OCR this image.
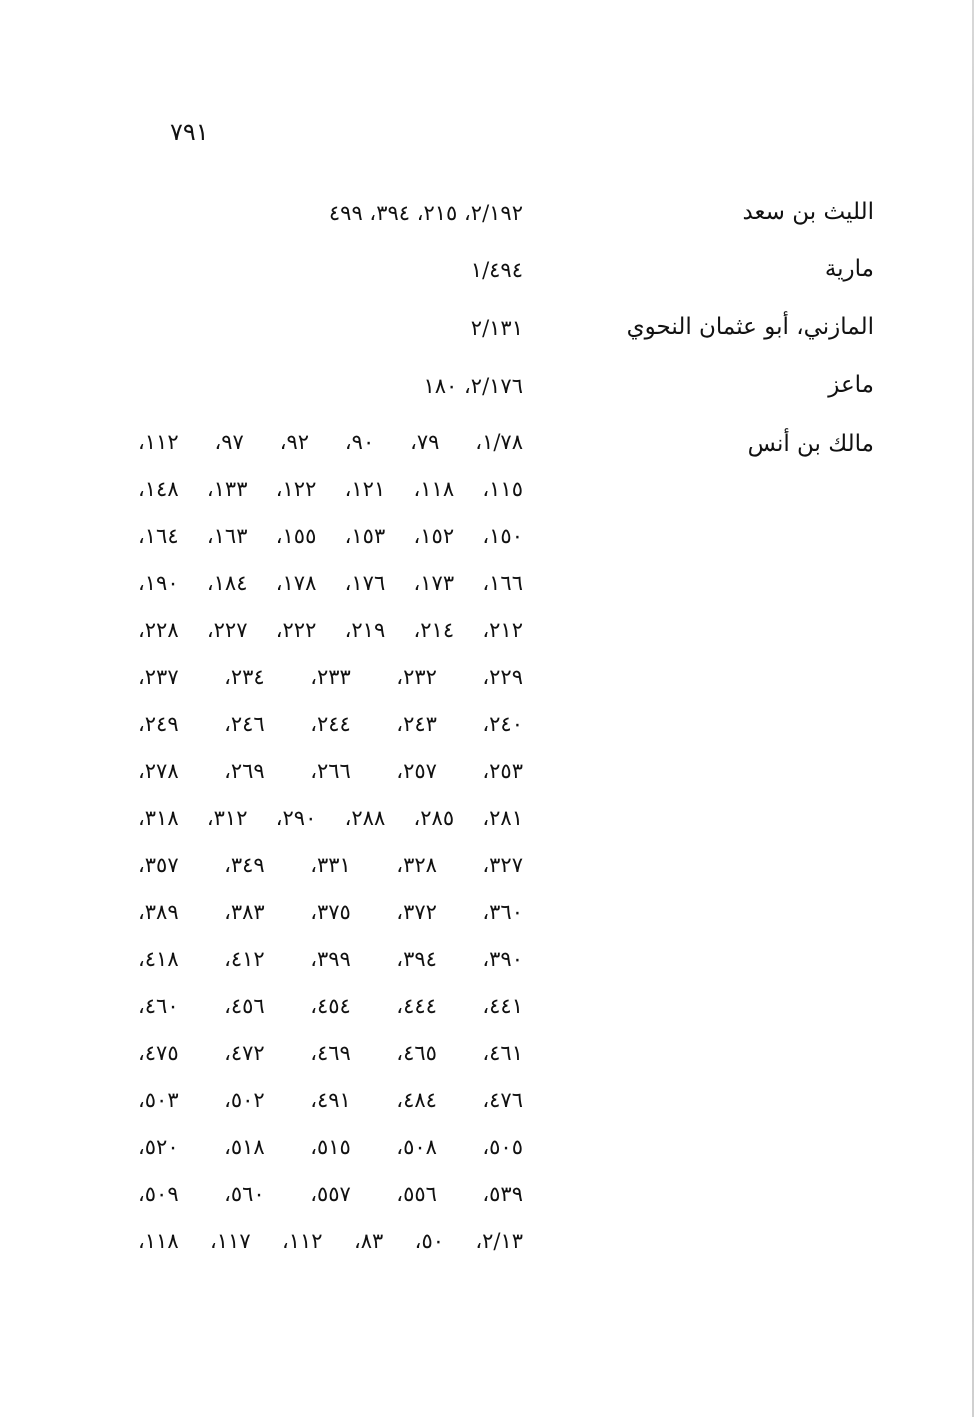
٧٩١
الليث بن سعد
٢/١٩٢، ٢١٥، ٣٩٤، ٤٩٩
مارية
١/٤٩٤
المازني، أبو عثمان النحوي
٢/١٣١
ماعز
٢/١٧٦، ١٨٠
مالك بن أنس
١/٧٨، ٧٩، ٩٠، ٩٢، ٩٧، ١١٢،
١١٥، ١١٨، ١٢١، ١٢٢، ١٣٣، ١٤٨،
١٥٠، ١٥٢، ١٥٣، ١٥٥، ١٦٣، ١٦٤،
١٦٦، ١٧٣، ١٧٦، ١٧٨، ١٨٤، ١٩٠،
٢١٢، ٢١٤، ٢١٩، ٢٢٢، ٢٢٧، ٢٢٨،
٢٢٩، ٢٣٢، ٢٣٣، ٢٣٤، ٢٣٧،
٢٤٠، ٢٤٣، ٢٤٤، ٢٤٦، ٢٤٩،
٢٥٣، ٢٥٧، ٢٦٦، ٢٦٩، ٢٧٨،
٢٨١، ٢٨٥، ٢٨٨، ٢٩٠، ٣١٢، ٣١٨،
٣٢٧، ٣٢٨، ٣٣١، ٣٤٩، ٣٥٧،
٣٦٠، ٣٧٢، ٣٧٥، ٣٨٣، ٣٨٩،
٣٩٠، ٣٩٤، ٣٩٩، ٤١٢، ٤١٨،
٤٤١، ٤٤٤، ٤٥٤، ٤٥٦، ٤٦٠،
٤٦١، ٤٦٥، ٤٦٩، ٤٧٢، ٤٧٥،
٤٧٦، ٤٨٤، ٤٩١، ٥٠٢، ٥٠٣،
٥٠٥، ٥٠٨، ٥١٥، ٥١٨، ٥٢٠،
٥٣٩، ٥٥٦، ٥٥٧، ٥٦٠، ٥٠٩،
٢/١٣، ٥٠، ٨٣، ١١٢، ١١٧، ١١٨،
